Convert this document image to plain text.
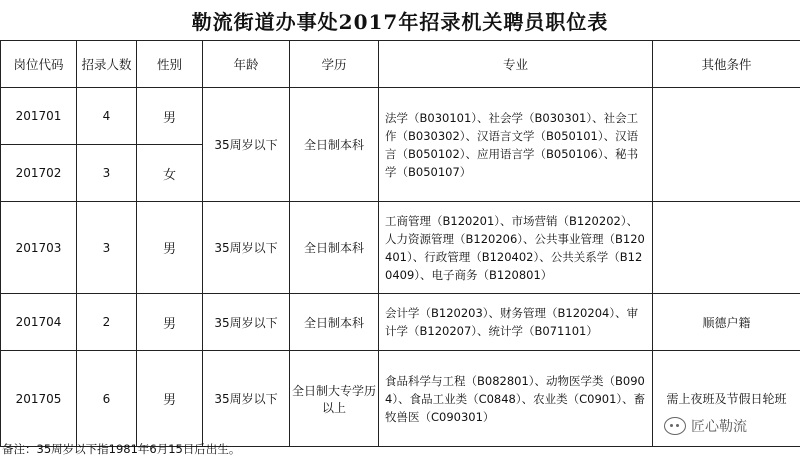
勒流街道办事处2017年招录机关聘员职位表
岗位代码	招录人数	性别	年龄	学历	专业	其他条件
201701	4	男	35周岁以下	全日制本科	法学（B030101）、社会学（B030301）、社会工作（B030302）、汉语言文学（B050101）、汉语言（B050102）、应用语言学（B050106）、秘书学（B050107）	
201702	3	女				
201703	3	男	35周岁以下	全日制本科	工商管理（B120201）、市场营销（B120202）、人力资源管理（B120206）、公共事业管理（B120401）、行政管理（B120402）、公共关系学（B120409）、电子商务（B120801）	
201704	2	男	35周岁以下	全日制本科	会计学（B120203）、财务管理（B120204）、审计学（B120207）、统计学（B071101）	顺德户籍
201705	6	男	35周岁以下	全日制大专学历以上	食品科学与工程（B082801）、动物医学类（B0904）、食品工业类（C0848）、农业类（C0901）、畜牧兽医（C090301）	需上夜班及节假日轮班
备注：35周岁以下指1981年6月15日后出生。
匠心勒流
